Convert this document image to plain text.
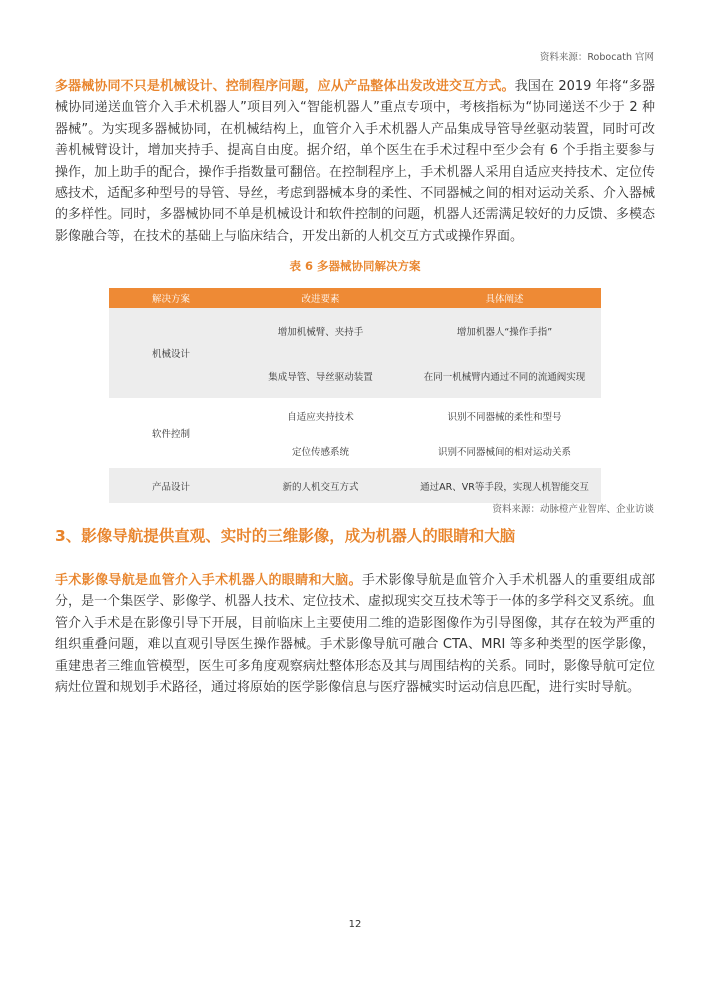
资料来源：Robocath 官网

多器械协同不只是机械设计、控制程序问题，应从产品整体出发改进交互方式。我国在 2019 年将“多器械协同递送血管介入手术机器人”项目列入“智能机器人”重点专项中，考核指标为“协同递送不少于 2 种器械”。为实现多器械协同，在机械结构上，血管介入手术机器人产品集成导管导丝驱动装置，同时可改善机械臂设计，增加夹持手、提高自由度。据介绍，单个医生在手术过程中至少会有 6 个手指主要参与操作，加上助手的配合，操作手指数量可翻倍。在控制程序上，手术机器人采用自适应夹持技术、定位传感技术，适配多种型号的导管、导丝，考虑到器械本身的柔性、不同器械之间的相对运动关系、介入器械的多样性。同时，多器械协同不单是机械设计和软件控制的问题，机器人还需满足较好的力反馈、多模态影像融合等，在技术的基础上与临床结合，开发出新的人机交互方式或操作界面。

表 6 多器械协同解决方案
解决方案	改进要素	具体阐述
机械设计	增加机械臂、夹持手	增加机器人“操作手指”
	集成导管、导丝驱动装置	在同一机械臂内通过不同的流通阀实现
软件控制	自适应夹持技术	识别不同器械的柔性和型号
	定位传感系统	识别不同器械间的相对运动关系
产品设计	新的人机交互方式	通过AR、VR等手段，实现人机智能交互
资料来源：动脉橙产业智库、企业访谈
3、影像导航提供直观、实时的三维影像，成为机器人的眼睛和大脑

手术影像导航是血管介入手术机器人的眼睛和大脑。手术影像导航是血管介入手术机器人的重要组成部分，是一个集医学、影像学、机器人技术、定位技术、虚拟现实交互技术等于一体的多学科交叉系统。血管介入手术是在影像引导下开展，目前临床上主要使用二维的造影图像作为引导图像，其存在较为严重的组织重叠问题，难以直观引导医生操作器械。手术影像导航可融合 CTA、MRI 等多种类型的医学影像，重建患者三维血管模型，医生可多角度观察病灶整体形态及其与周围结构的关系。同时，影像导航可定位病灶位置和规划手术路径，通过将原始的医学影像信息与医疗器械实时运动信息匹配，进行实时导航。

12
